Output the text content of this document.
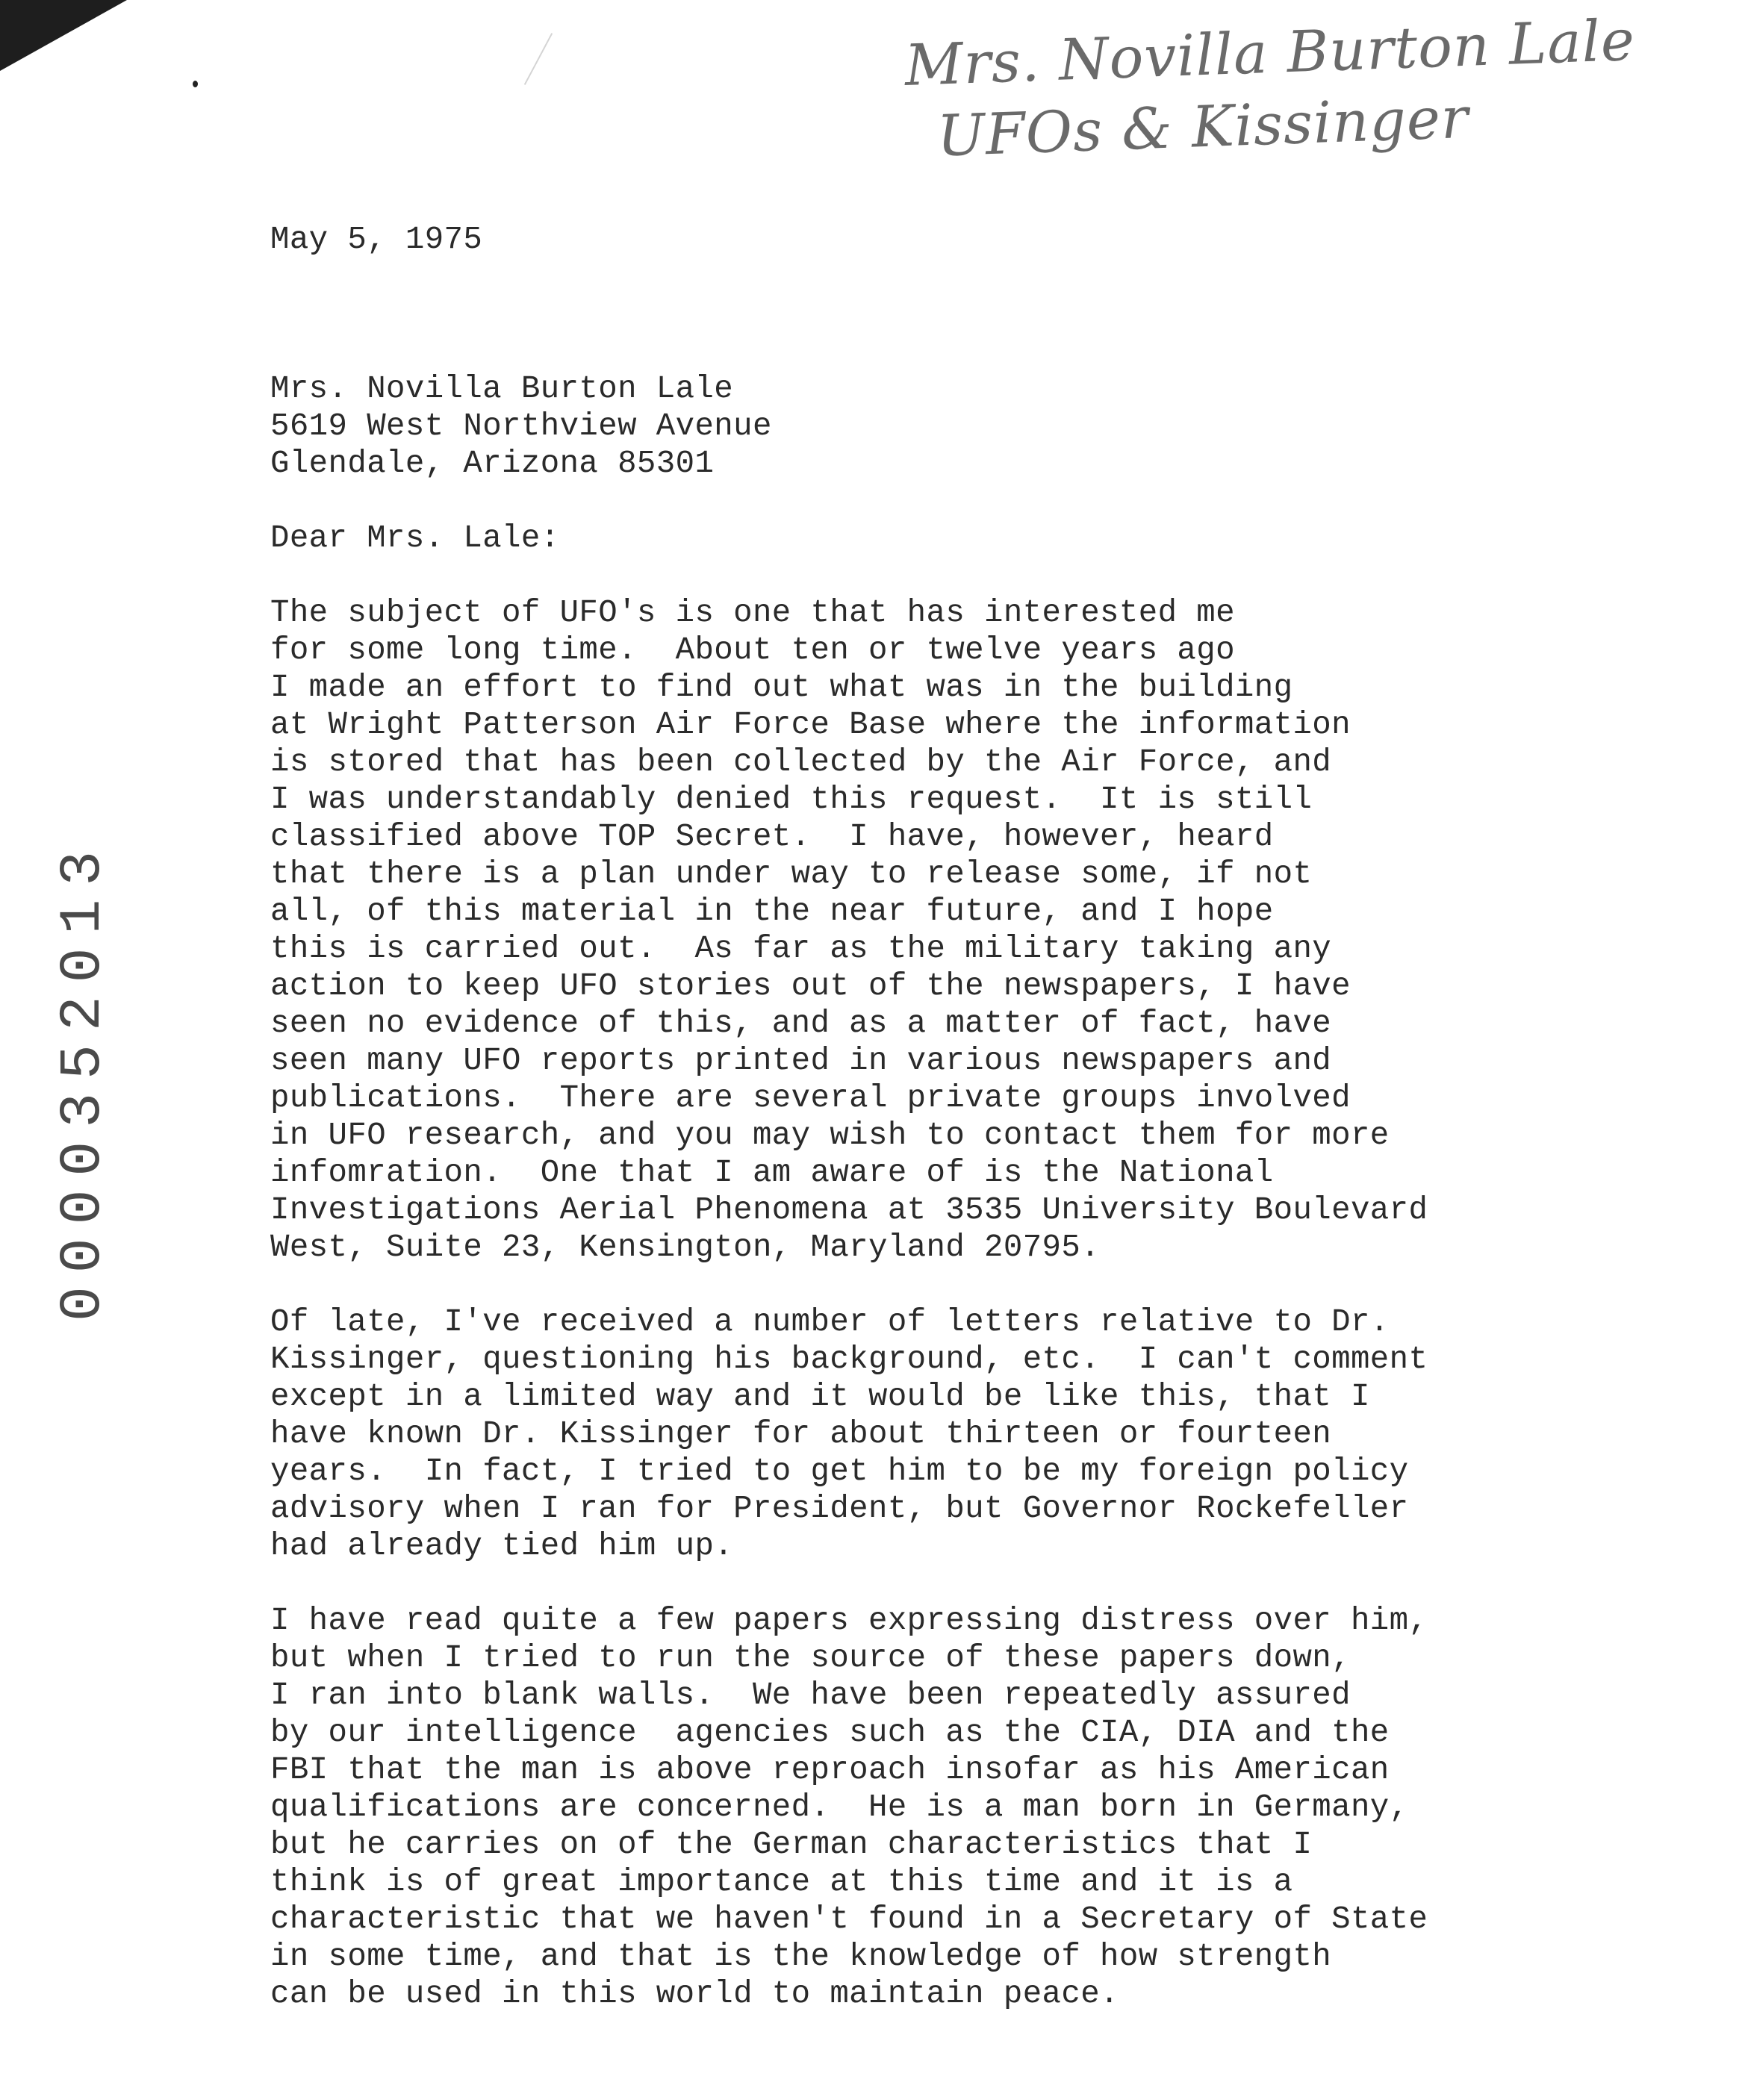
Mrs. Novilla Burton Lale
UFOs & Kissinger
0000352013
May 5, 1975
Mrs. Novilla Burton Lale
5619 West Northview Avenue
Glendale, Arizona 85301
Dear Mrs. Lale:
The subject of UFO's is one that has interested me
for some long time.  About ten or twelve years ago
I made an effort to find out what was in the building
at Wright Patterson Air Force Base where the information
is stored that has been collected by the Air Force, and
I was understandably denied this request.  It is still
classified above TOP Secret.  I have, however, heard
that there is a plan under way to release some, if not
all, of this material in the near future, and I hope
this is carried out.  As far as the military taking any
action to keep UFO stories out of the newspapers, I have
seen no evidence of this, and as a matter of fact, have
seen many UFO reports printed in various newspapers and
publications.  There are several private groups involved
in UFO research, and you may wish to contact them for more
infomration.  One that I am aware of is the National
Investigations Aerial Phenomena at 3535 University Boulevard
West, Suite 23, Kensington, Maryland 20795.
Of late, I've received a number of letters relative to Dr.
Kissinger, questioning his background, etc.  I can't comment
except in a limited way and it would be like this, that I
have known Dr. Kissinger for about thirteen or fourteen
years.  In fact, I tried to get him to be my foreign policy
advisory when I ran for President, but Governor Rockefeller
had already tied him up.
I have read quite a few papers expressing distress over him,
but when I tried to run the source of these papers down,
I ran into blank walls.  We have been repeatedly assured
by our intelligence  agencies such as the CIA, DIA and the
FBI that the man is above reproach insofar as his American
qualifications are concerned.  He is a man born in Germany,
but he carries on of the German characteristics that I
think is of great importance at this time and it is a
characteristic that we haven't found in a Secretary of State
in some time, and that is the knowledge of how strength
can be used in this world to maintain peace.
